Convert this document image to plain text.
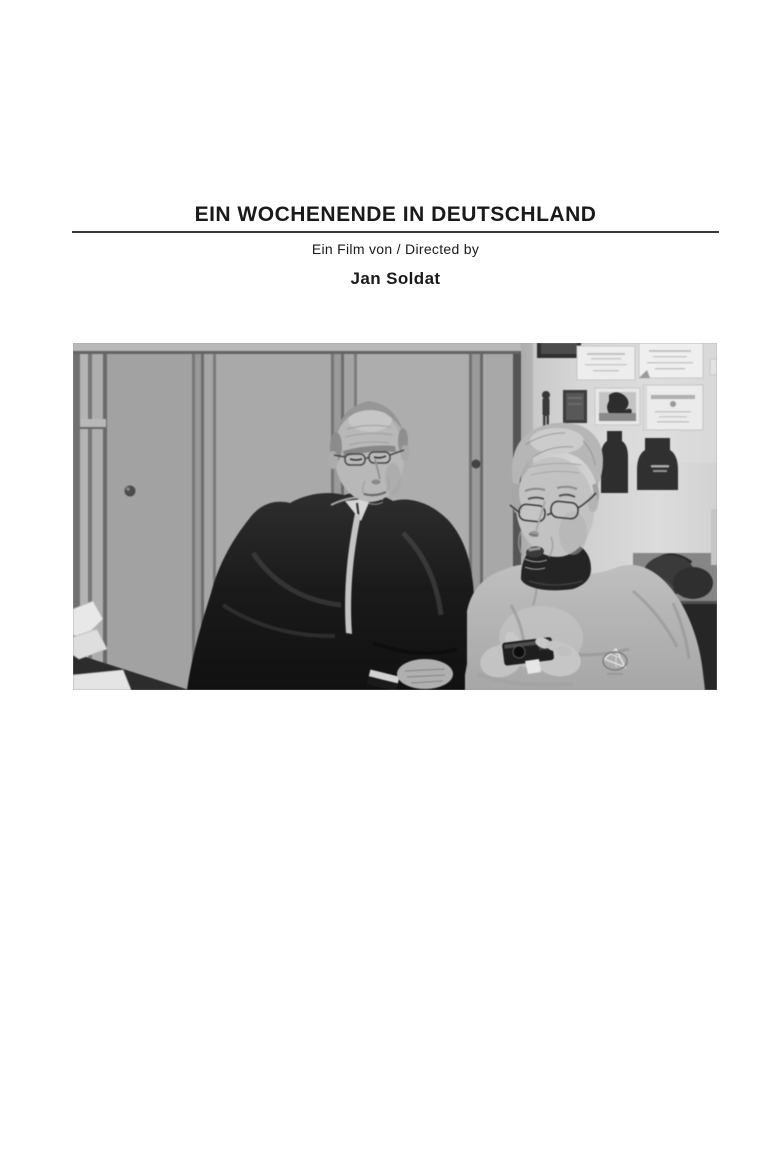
EIN WOCHENENDE IN DEUTSCHLAND
Ein Film von / Directed by
Jan Soldat
